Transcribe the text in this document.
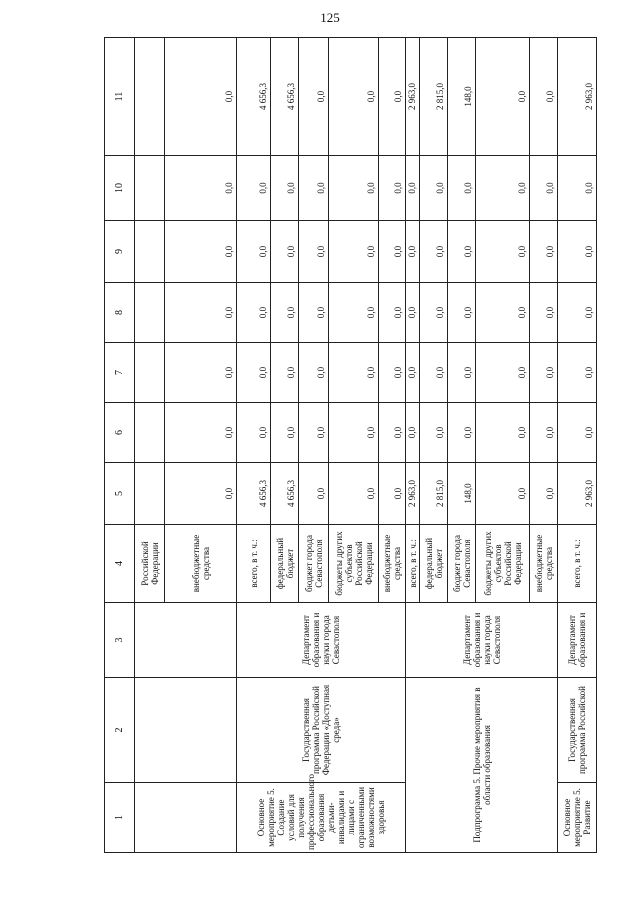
125
1	2	3	4	5	6	7	8	9	10	11
			Российской Федерации							
			внебюджетные средства	0,0	0,0	0,0	0,0	0,0	0,0	0,0
Основное мероприятие 5. Создание условий для получения профессионального образования детьми-инвалидами и лицами с ограниченными возможностями здоровья	Государственная программа Российской Федерации «Доступная среда»	Департамент образования и науки города Севастополя	всего, в т. ч.:	4 656,3	0,0	0,0	0,0	0,0	0,0	4 656,3
			федеральный бюджет	4 656,3	0,0	0,0	0,0	0,0	0,0	4 656,3
			бюджет города Севастополя	0,0	0,0	0,0	0,0	0,0	0,0	0,0
			бюджеты других субъектов Российской Федерации	0,0	0,0	0,0	0,0	0,0	0,0	0,0
			внебюджетные средства	0,0	0,0	0,0	0,0	0,0	0,0	0,0
Подпрограмма 5. Прочие мероприятия в области образования		Департамент образования и науки города Севастополя	всего, в т. ч.:	2 963,0	0,0	0,0	0,0	0,0	0,0	2 963,0
			федеральный бюджет	2 815,0	0,0	0,0	0,0	0,0	0,0	2 815,0
			бюджет города Севастополя	148,0	0,0	0,0	0,0	0,0	0,0	148,0
			бюджеты других субъектов Российской Федерации	0,0	0,0	0,0	0,0	0,0	0,0	0,0
			внебюджетные средства	0,0	0,0	0,0	0,0	0,0	0,0	0,0
Основное мероприятие 5. Развитие	Государственная программа Российской	Департамент образования и	всего, в т. ч.:	2 963,0	0,0	0,0	0,0	0,0	0,0	2 963,0
